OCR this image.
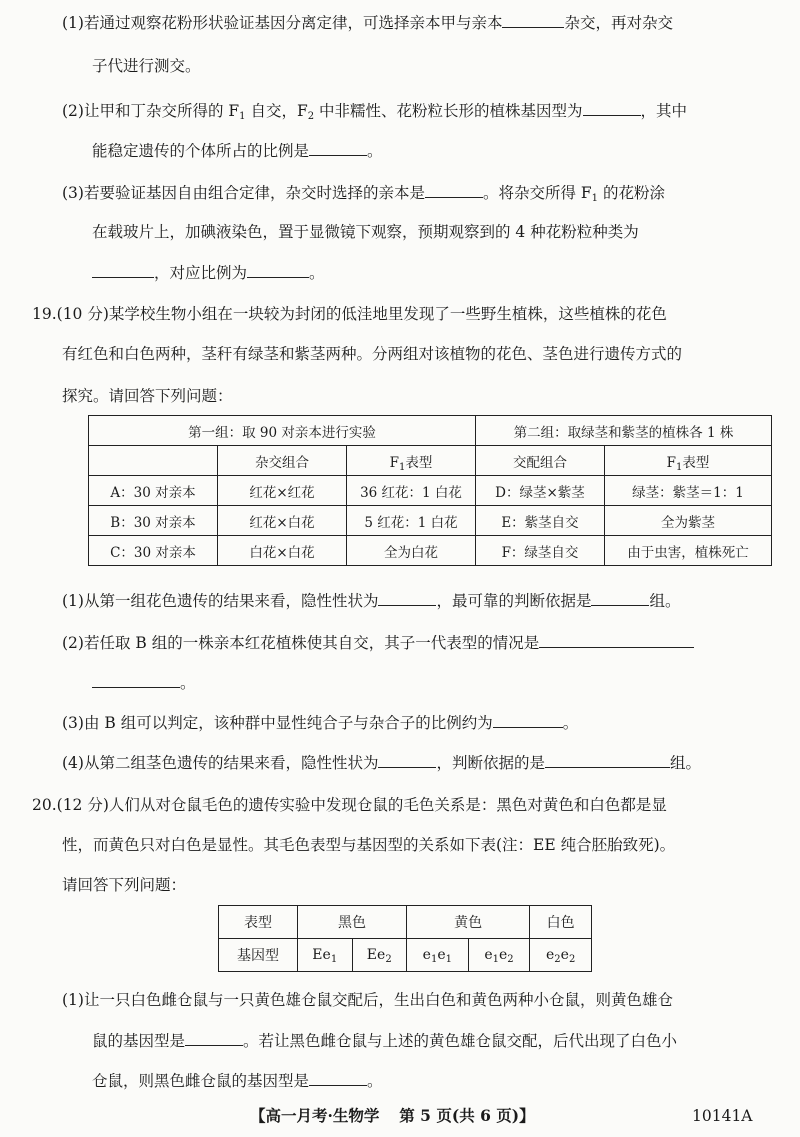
(1)若通过观察花粉形状验证基因分离定律，可选择亲本甲与亲本	杂交，再对杂交
子代进行测交。
(2)让甲和丁杂交所得的 $F_1$ 自交，$F_2$ 中非糯性、花粉粒长形的植株基因型为	，其中
能稳定遗传的个体所占的比例是	。
(3)若要验证基因自由组合定律，杂交时选择的亲本是	。将杂交所得 $F_1$ 的花粉涂
在载玻片上，加碘液染色，置于显微镜下观察，预期观察到的 4 种花粉粒种类为
，对应比例为	。
19.(10 分)某学校生物小组在一块较为封闭的低洼地里发现了一些野生植株，这些植株的花色
有红色和白色两种，茎秆有绿茎和紫茎两种。分两组对该植物的花色、茎色进行遗传方式的
探究。请回答下列问题：
第一组：取 90 对亲本进行实验			第二组：取绿茎和紫茎的植株各 1 株	
	杂交组合	$F_1$表型	交配组合	$F_1$表型
A：30 对亲本	红花×红花	36 红花：1 白花	D：绿茎×紫茎	绿茎：紫茎＝1：1
B：30 对亲本	红花×白花	5 红花：1 白花	E：紫茎自交	全为紫茎
C：30 对亲本	白花×白花	全为白花	F：绿茎自交	由于虫害，植株死亡
(1)从第一组花色遗传的结果来看，隐性性状为	，最可靠的判断依据是	组。
(2)若任取 B 组的一株亲本红花植株使其自交，其子一代表型的情况是
。
(3)由 B 组可以判定，该种群中显性纯合子与杂合子的比例约为	。
(4)从第二组茎色遗传的结果来看，隐性性状为	，判断依据的是	组。
20.(12 分)人们从对仓鼠毛色的遗传实验中发现仓鼠的毛色关系是：黑色对黄色和白色都是显
性，而黄色只对白色是显性。其毛色表型与基因型的关系如下表(注：EE 纯合胚胎致死)。
请回答下列问题：
表型	黑色		黄色		白色
基因型	$Ee_1$	$Ee_2$	$e_1e_1$	$e_1e_2$	$e_2e_2$
(1)让一只白色雌仓鼠与一只黄色雄仓鼠交配后，生出白色和黄色两种小仓鼠，则黄色雄仓
鼠的基因型是	。若让黑色雌仓鼠与上述的黄色雄仓鼠交配，后代出现了白色小
仓鼠，则黑色雌仓鼠的基因型是	。
【高一月考·生物学 第 5 页(共 6 页)】	10141A
